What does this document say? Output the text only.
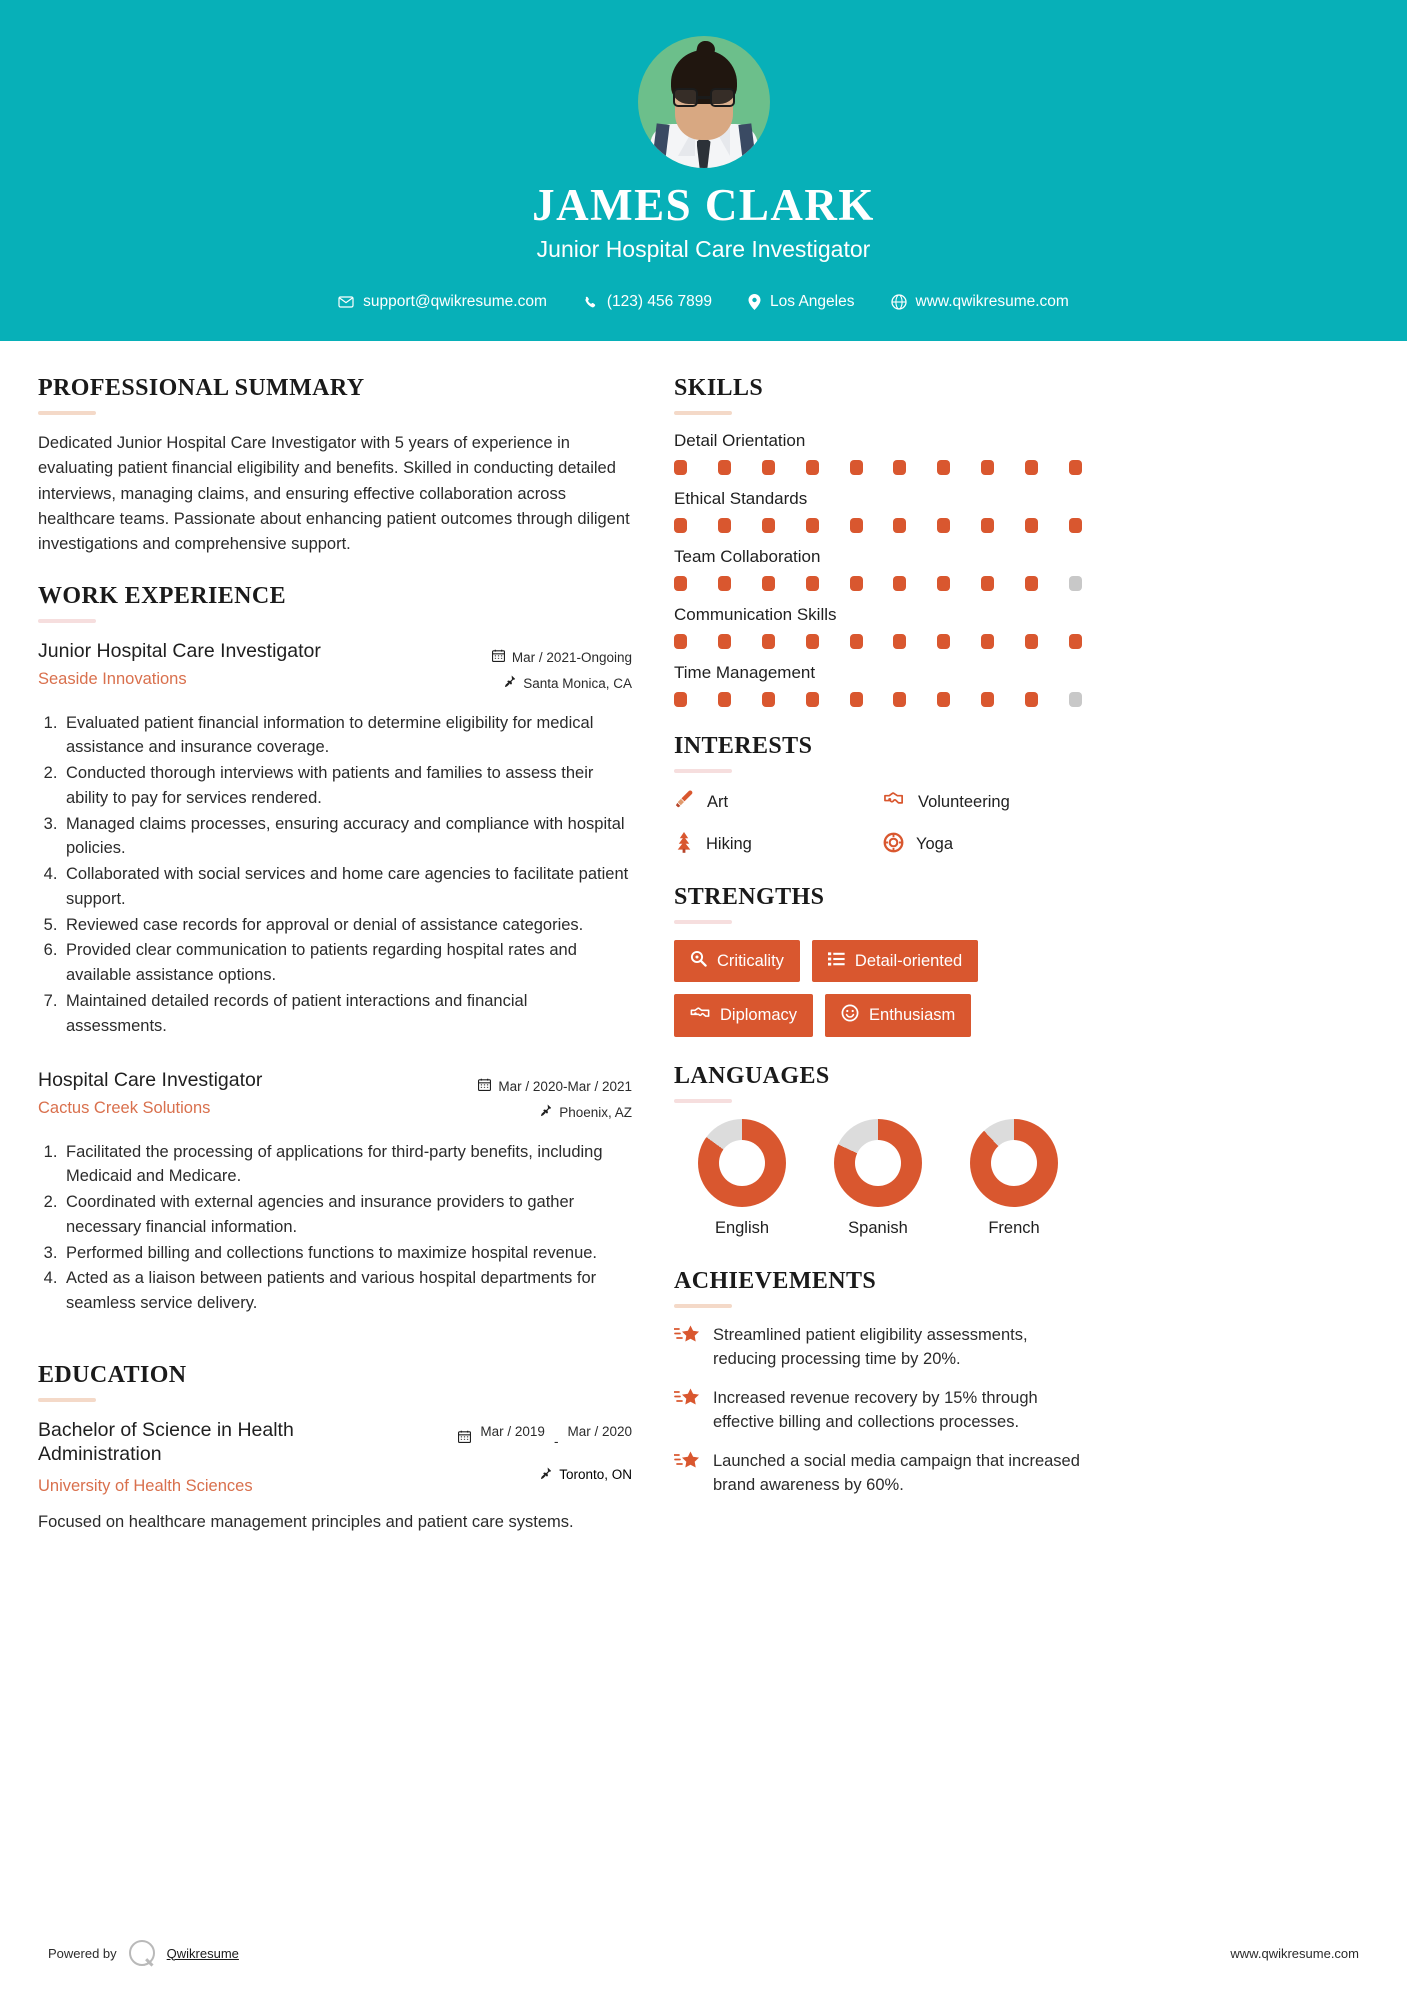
JAMES CLARK
Junior Hospital Care Investigator
support@qwikresume.com	(123) 456 7899	Los Angeles	www.qwikresume.com
PROFESSIONAL SUMMARY
Dedicated Junior Hospital Care Investigator with 5 years of experience in evaluating patient financial eligibility and benefits. Skilled in conducting detailed interviews, managing claims, and ensuring effective collaboration across healthcare teams. Passionate about enhancing patient outcomes through diligent investigations and comprehensive support.
WORK EXPERIENCE
Junior Hospital Care Investigator
Seaside Innovations
Mar / 2021-Ongoing
Santa Monica, CA
1. Evaluated patient financial information to determine eligibility for medical assistance and insurance coverage.
2. Conducted thorough interviews with patients and families to assess their ability to pay for services rendered.
3. Managed claims processes, ensuring accuracy and compliance with hospital policies.
4. Collaborated with social services and home care agencies to facilitate patient support.
5. Reviewed case records for approval or denial of assistance categories.
6. Provided clear communication to patients regarding hospital rates and available assistance options.
7. Maintained detailed records of patient interactions and financial assessments.
Hospital Care Investigator
Cactus Creek Solutions
Mar / 2020-Mar / 2021
Phoenix, AZ
1. Facilitated the processing of applications for third-party benefits, including Medicaid and Medicare.
2. Coordinated with external agencies and insurance providers to gather necessary financial information.
3. Performed billing and collections functions to maximize hospital revenue.
4. Acted as a liaison between patients and various hospital departments for seamless service delivery.
EDUCATION
Bachelor of Science in Health Administration
University of Health Sciences
Mar / 2019
-
Mar / 2020
Toronto, ON
Focused on healthcare management principles and patient care systems.
SKILLS
Detail Orientation
Ethical Standards
Team Collaboration
Communication Skills
Time Management
INTERESTS
Art	Volunteering
Hiking	Yoga
STRENGTHS
Criticality	Detail-oriented
Diplomacy	Enthusiasm
LANGUAGES
English	Spanish	French
ACHIEVEMENTS
Streamlined patient eligibility assessments, reducing processing time by 20%.
Increased revenue recovery by 15% through effective billing and collections processes.
Launched a social media campaign that increased brand awareness by 60%.
Powered by	Qwikresume	www.qwikresume.com
